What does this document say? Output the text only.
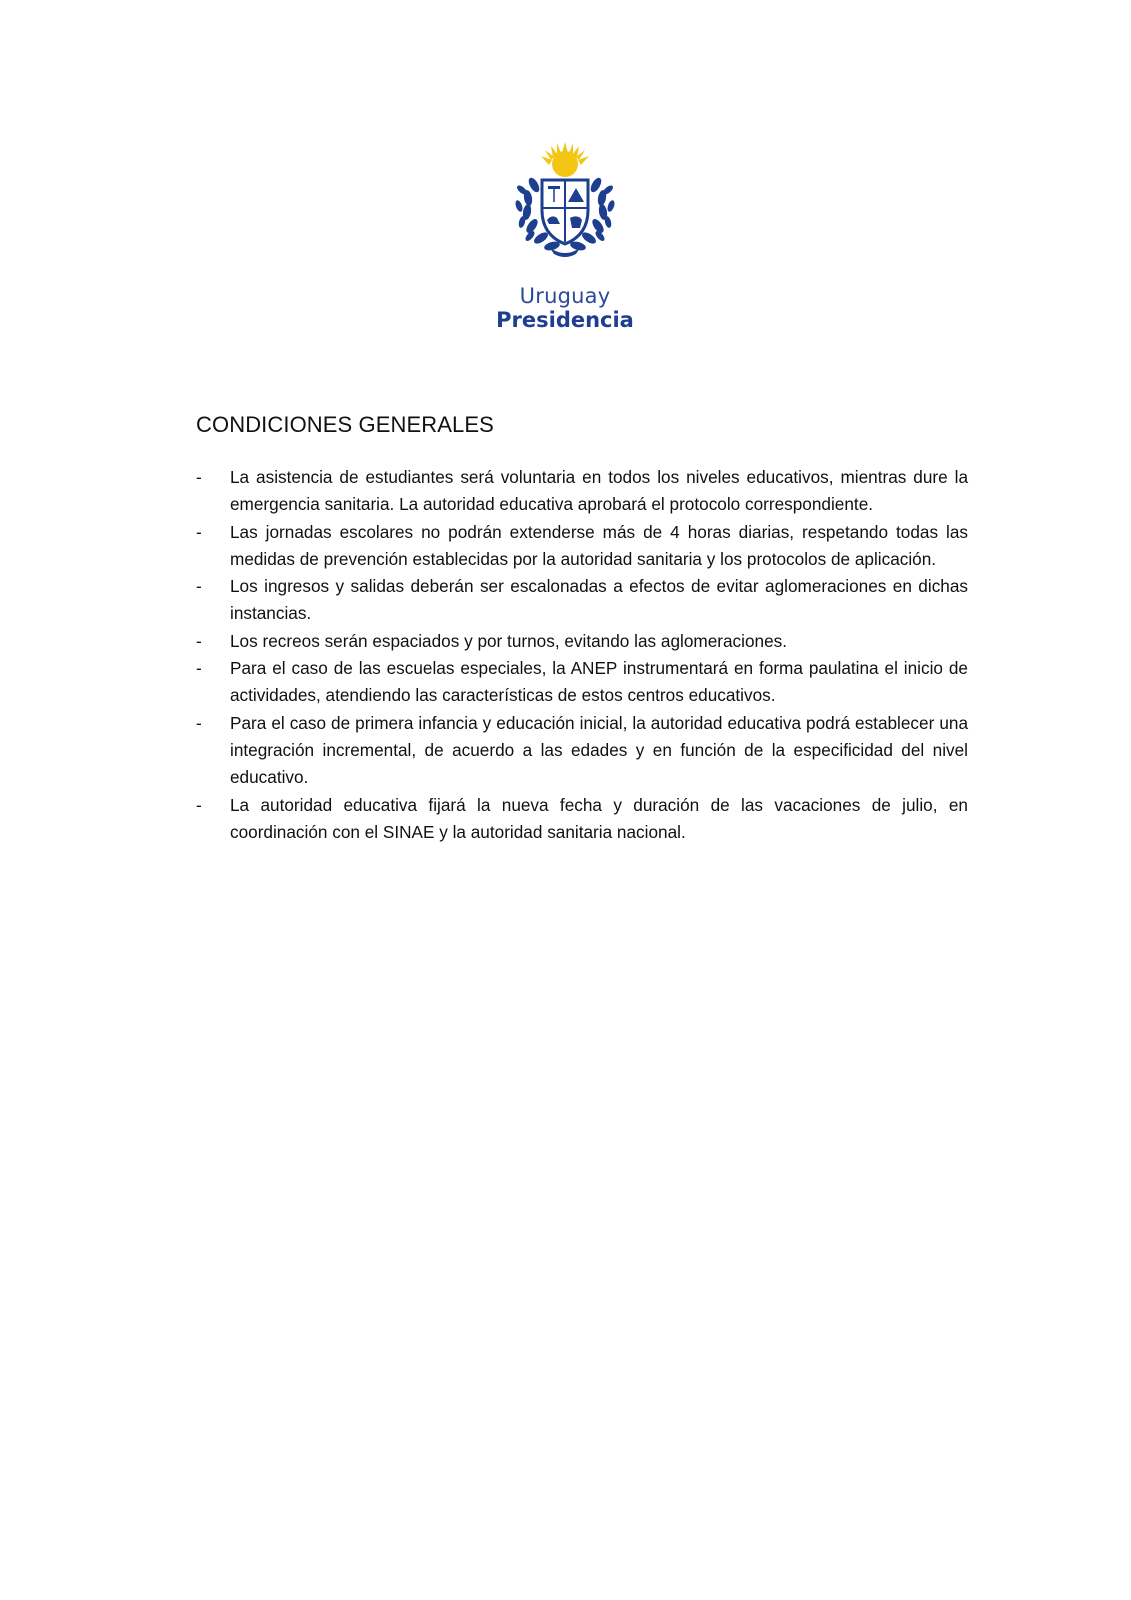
Uruguay
Presidencia
CONDICIONES GENERALES
-	La asistencia de estudiantes será voluntaria en todos los niveles educativos, mientras dure la emergencia sanitaria. La autoridad educativa aprobará el protocolo correspondiente.
-	Las jornadas escolares no podrán extenderse más de 4 horas diarias, respetando todas las medidas de prevención establecidas por la autoridad sanitaria y los protocolos de aplicación.
-	Los ingresos y salidas deberán ser escalonadas a efectos de evitar aglomeraciones en dichas instancias.
-	Los recreos serán espaciados y por turnos, evitando las aglomeraciones.
-	Para el caso de las escuelas especiales, la ANEP instrumentará en forma paulatina el inicio de actividades, atendiendo las características de estos centros educativos.
-	Para el caso de primera infancia y educación inicial, la autoridad educativa podrá establecer una integración incremental, de acuerdo a las edades y en función de la especificidad del nivel educativo.
-	La autoridad educativa fijará la nueva fecha y duración de las vacaciones de julio, en coordinación con el SINAE y la autoridad sanitaria nacional.
